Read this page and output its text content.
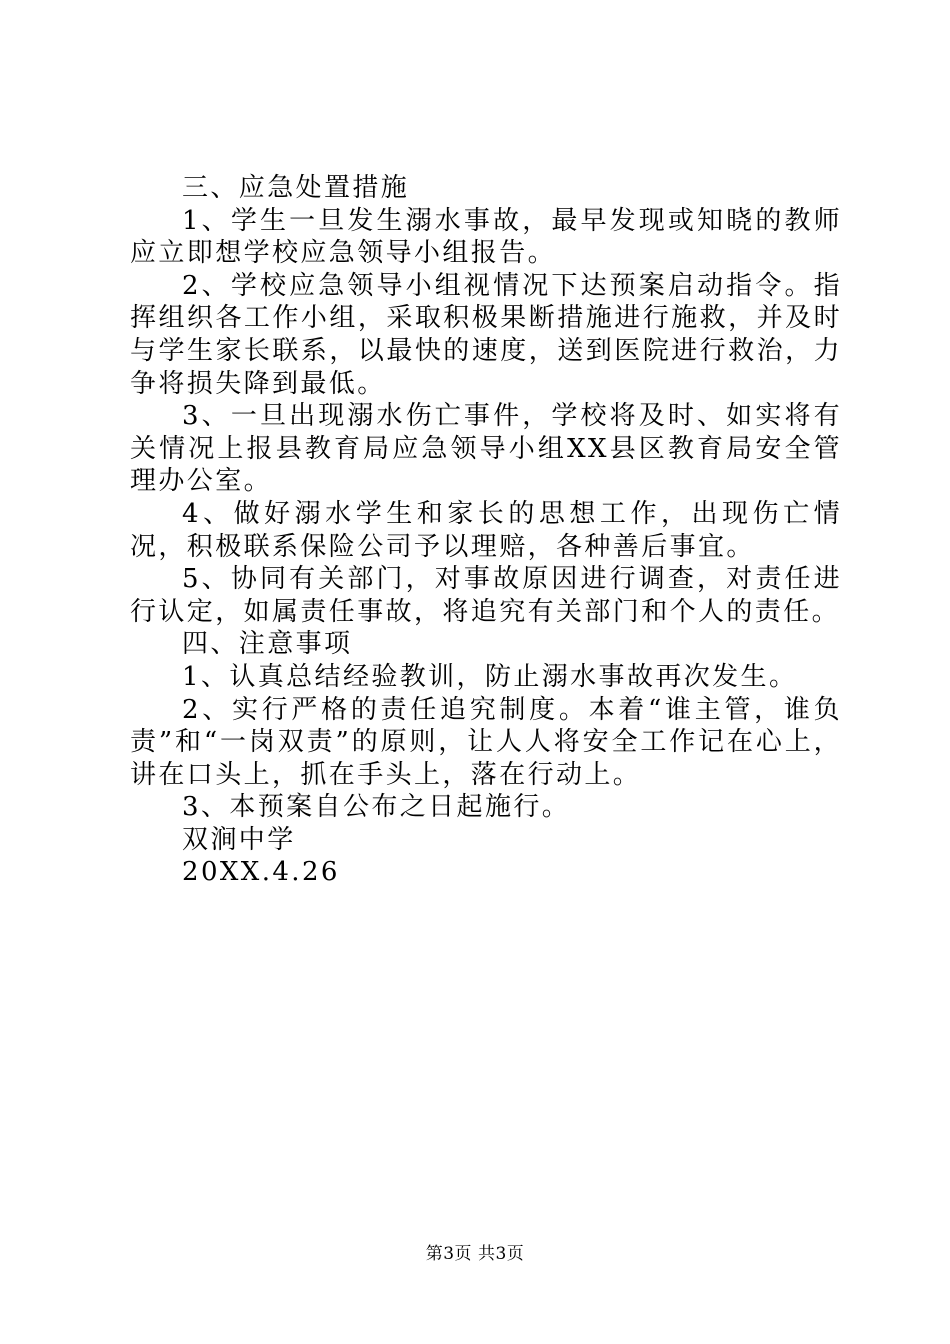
三、应急处置措施

1、学生一旦发生溺水事故，最早发现或知晓的教师应立即想学校应急领导小组报告。

2、学校应急领导小组视情况下达预案启动指令。指挥组织各工作小组，采取积极果断措施进行施救，并及时与学生家长联系，以最快的速度，送到医院进行救治，力争将损失降到最低。

3、一旦出现溺水伤亡事件，学校将及时、如实将有关情况上报县教育局应急领导小组XX县区教育局安全管理办公室。

4、做好溺水学生和家长的思想工作，出现伤亡情况，积极联系保险公司予以理赔，各种善后事宜。

5、协同有关部门，对事故原因进行调查，对责任进行认定，如属责任事故，将追究有关部门和个人的责任。

四、注意事项

1、认真总结经验教训，防止溺水事故再次发生。

2、实行严格的责任追究制度。本着“谁主管，谁负责”和“一岗双责”的原则，让人人将安全工作记在心上，讲在口头上，抓在手头上，落在行动上。

3、本预案自公布之日起施行。

双涧中学

20XX.4.26

第3页 共3页
